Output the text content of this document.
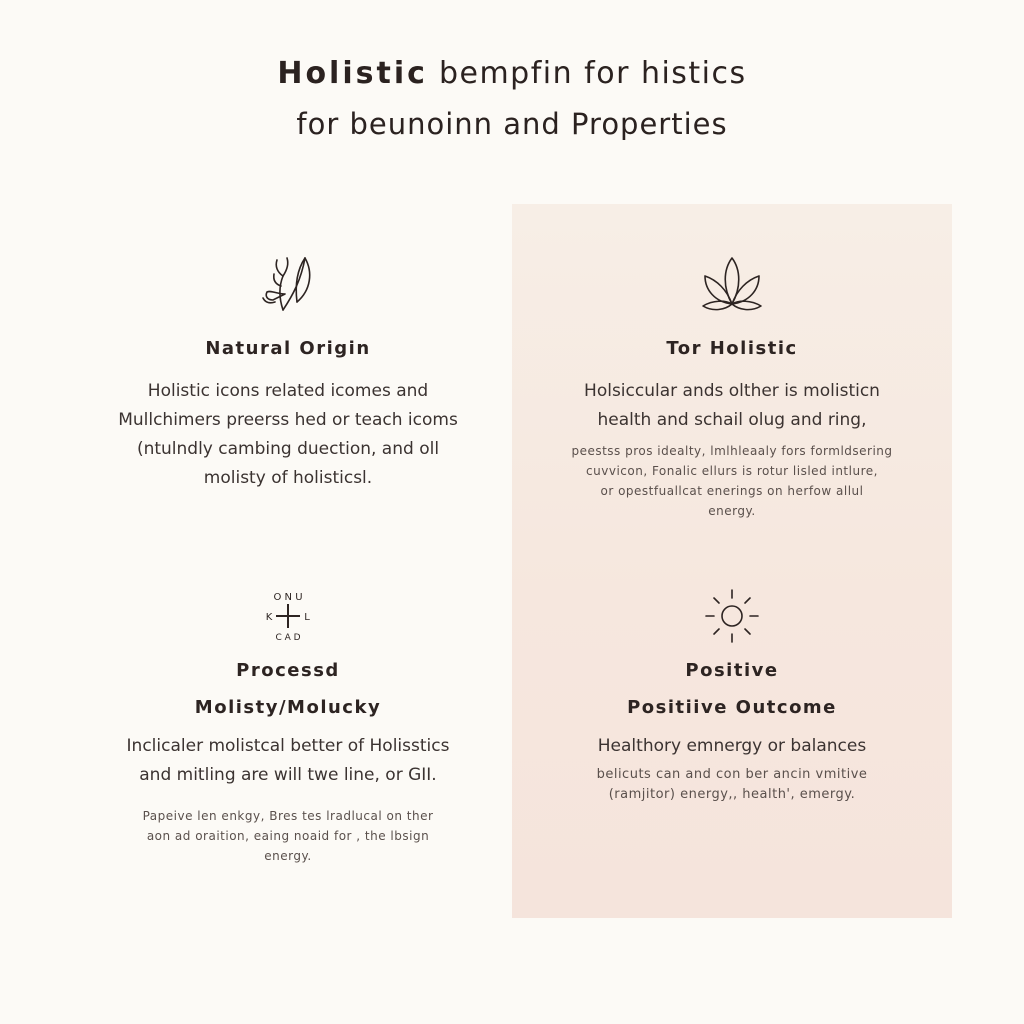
Holistic bempfin for histics
for beunoinn and Properties
Natural Origin
Holistic icons related icomes and
Mullchimers preerss hed or teach icoms
(ntulndly cambing duection, and oll
molisty of holisticsl.
Tor Holistic
Holsiccular ands olther is molisticn
health and schail olug and ring,
peestss pros idealty, lmlhleaaly fors formldsering
cuvvicon, Fonalic ellurs is rotur lisled intlure,
or opestfuallcat enerings on herfow allul
energy.
O N U
K	L
C A D
Processd
Molisty/Molucky
Inclicaler molistcal better of Holisstics
and mitling are will twe line, or GII.
Papeive len enkgy, Bres tes lradlucal on ther
aon ad oraition, eaing noaid for , the lbsign
energy.
Positive
Positiive Outcome
Healthory emnergy or balances
belicuts can and con ber ancin vmitive
(ramjitor) energy,, health', emergy.
